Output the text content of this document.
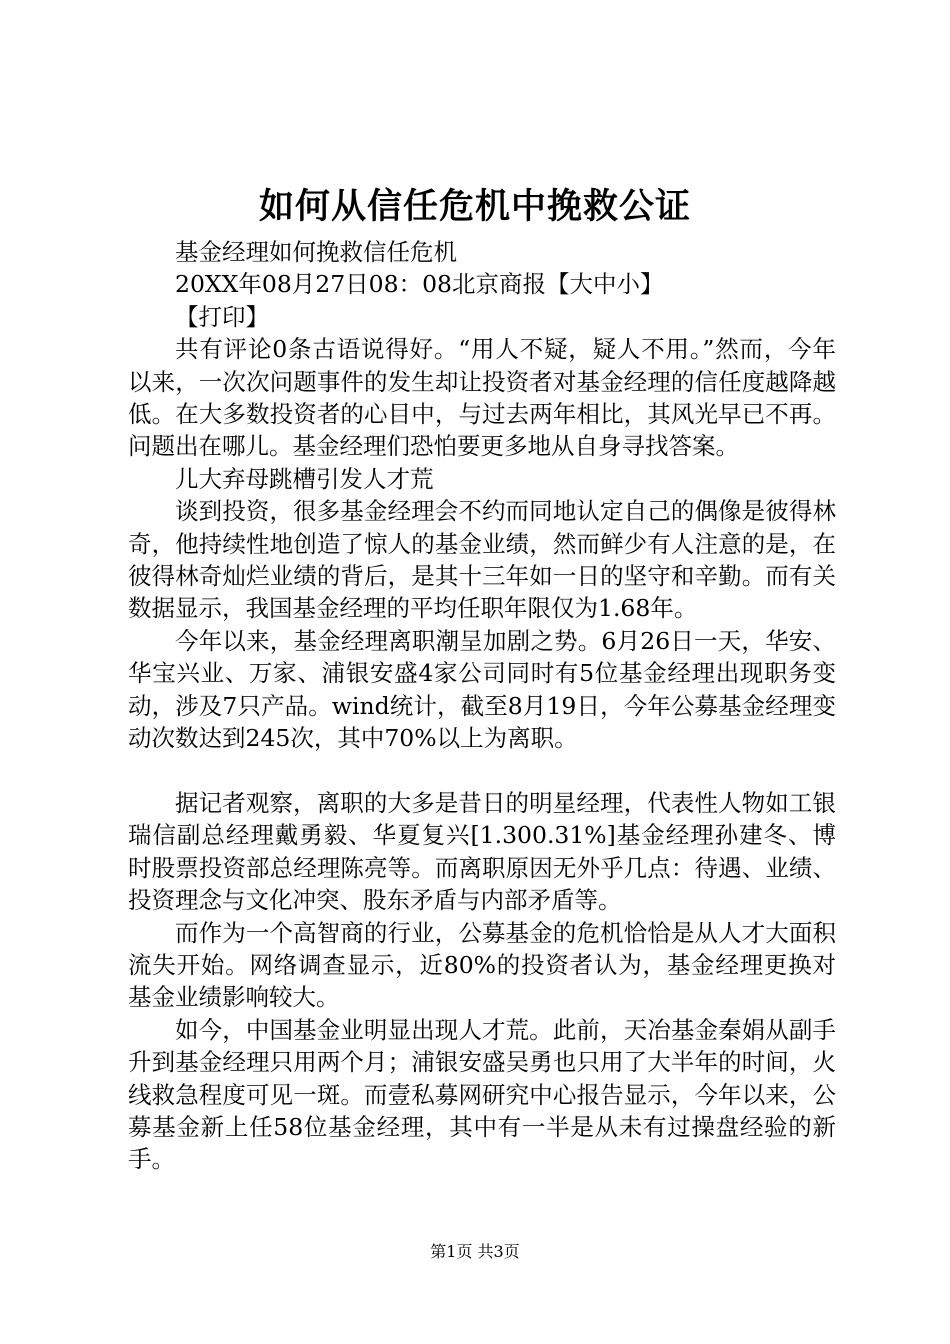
如何从信任危机中挽救公证

基金经理如何挽救信任危机

20XX年08月27日08：08北京商报【大中小】

【打印】

共有评论0条古语说得好。“用人不疑，疑人不用。”然而，今年以来，一次次问题事件的发生却让投资者对基金经理的信任度越降越低。在大多数投资者的心目中，与过去两年相比，其风光早已不再。问题出在哪儿。基金经理们恐怕要更多地从自身寻找答案。

儿大弃母跳槽引发人才荒

谈到投资，很多基金经理会不约而同地认定自己的偶像是彼得林奇，他持续性地创造了惊人的基金业绩，然而鲜少有人注意的是，在彼得林奇灿烂业绩的背后，是其十三年如一日的坚守和辛勤。而有关数据显示，我国基金经理的平均任职年限仅为1.68年。

今年以来，基金经理离职潮呈加剧之势。6月26日一天，华安、华宝兴业、万家、浦银安盛4家公司同时有5位基金经理出现职务变动，涉及7只产品。wind统计，截至8月19日，今年公募基金经理变动次数达到245次，其中70%以上为离职。

据记者观察，离职的大多是昔日的明星经理，代表性人物如工银瑞信副总经理戴勇毅、华夏复兴[1.300.31%]基金经理孙建冬、博时股票投资部总经理陈亮等。而离职原因无外乎几点：待遇、业绩、投资理念与文化冲突、股东矛盾与内部矛盾等。

而作为一个高智商的行业，公募基金的危机恰恰是从人才大面积流失开始。网络调查显示，近80%的投资者认为，基金经理更换对基金业绩影响较大。

如今，中国基金业明显出现人才荒。此前，天冶基金秦娟从副手升到基金经理只用两个月；浦银安盛吴勇也只用了大半年的时间，火线救急程度可见一斑。而壹私募网研究中心报告显示，今年以来，公募基金新上任58位基金经理，其中有一半是从未有过操盘经验的新手。

第1页 共3页
